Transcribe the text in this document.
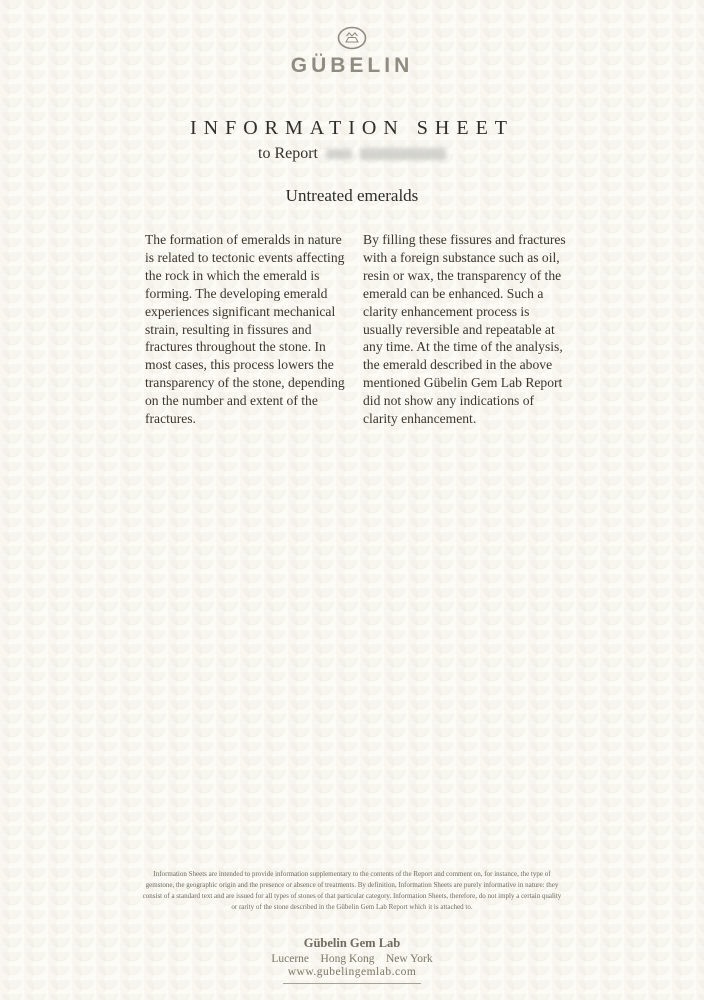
GÜBELIN
INFORMATION SHEET
to Report
Untreated emeralds
The formation of emeralds in nature is related to tectonic events affecting the rock in which the emerald is forming. The developing emerald experiences significant mechanical strain, resulting in fissures and fractures throughout the stone. In most cases, this process lowers the transparency of the stone, depending on the number and extent of the fractures.
By filling these fissures and fractures with a foreign substance such as oil, resin or wax, the transparency of the emerald can be enhanced. Such a clarity enhancement process is usually reversible and repeatable at any time. At the time of the analysis, the emerald described in the above mentioned Gübelin Gem Lab Report did not show any indications of clarity enhancement.
Information Sheets are intended to provide information supplementary to the contents of the Report and comment on, for instance, the type of gemstone, the geographic origin and the presence or absence of treatments. By definition, Information Sheets are purely informative in nature: they consist of a standard text and are issued for all types of stones of that particular category. Information Sheets, therefore, do not imply a certain quality or rarity of the stone described in the Gübelin Gem Lab Report which it is attached to.
Gübelin Gem Lab
Lucerne    Hong Kong    New York
www.gubelingemlab.com
